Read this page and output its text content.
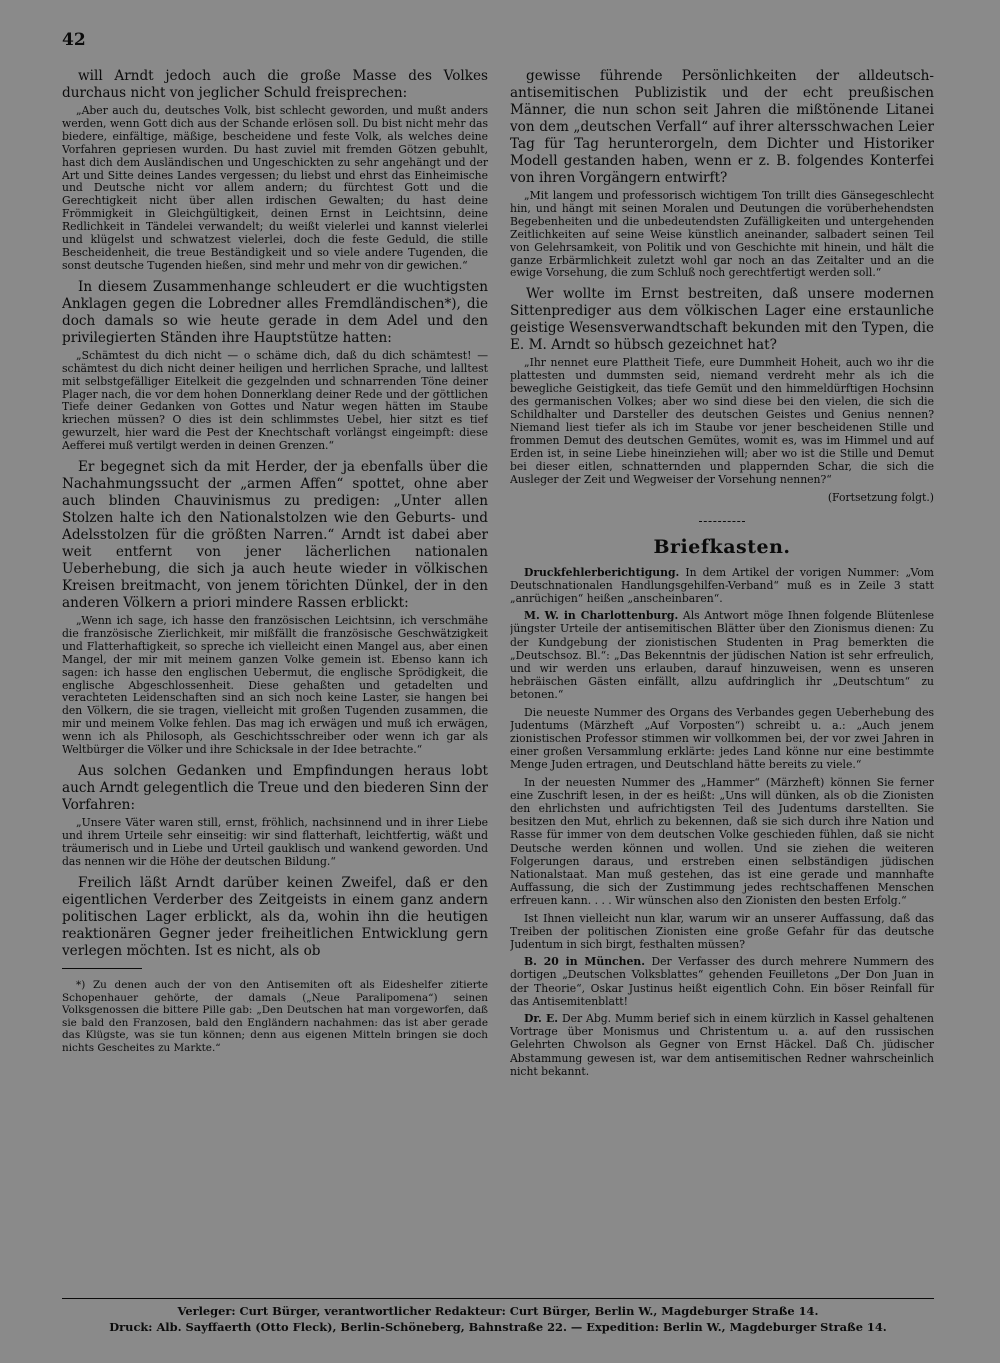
42

will Arndt jedoch auch die große Masse des Volkes durchaus nicht von jeglicher Schuld freisprechen:

„Aber auch du, deutsches Volk, bist schlecht geworden, und mußt anders werden, wenn Gott dich aus der Schande erlösen soll. Du bist nicht mehr das biedere, einfältige, mäßige, bescheidene und feste Volk, als welches deine Vorfahren gepriesen wurden. Du hast zuviel mit fremden Götzen gebuhlt, hast dich dem Ausländischen und Ungeschickten zu sehr angehängt und der Art und Sitte deines Landes vergessen; du liebst und ehrst das Einheimische und Deutsche nicht vor allem andern; du fürchtest Gott und die Gerechtigkeit nicht über allen irdischen Gewalten; du hast deine Frömmigkeit in Gleichgültigkeit, deinen Ernst in Leichtsinn, deine Redlichkeit in Tändelei verwandelt; du weißt vielerlei und kannst vielerlei und klügelst und schwatzest vielerlei, doch die feste Geduld, die stille Bescheidenheit, die treue Beständigkeit und so viele andere Tugenden, die sonst deutsche Tugenden hießen, sind mehr und mehr von dir gewichen.“

In diesem Zusammenhange schleudert er die wuchtigsten Anklagen gegen die Lobredner alles Fremdländischen*), die doch damals so wie heute gerade in dem Adel und den privilegierten Ständen ihre Hauptstütze hatten:

„Schämtest du dich nicht — o schäme dich, daß du dich schämtest! — schämtest du dich nicht deiner heiligen und herrlichen Sprache, und lalltest mit selbstgefälliger Eitelkeit die gezgelnden und schnarrenden Töne deiner Plager nach, die vor dem hohen Donnerklang deiner Rede und der göttlichen Tiefe deiner Gedanken von Gottes und Natur wegen hätten im Staube kriechen müssen? O dies ist dein schlimmstes Uebel, hier sitzt es tief gewurzelt, hier ward die Pest der Knechtschaft vorlängst eingeimpft: diese Aefferei muß vertilgt werden in deinen Grenzen.“

Er begegnet sich da mit Herder, der ja ebenfalls über die Nachahmungssucht der „armen Affen“ spottet, ohne aber auch blinden Chauvinismus zu predigen: „Unter allen Stolzen halte ich den Nationalstolzen wie den Geburts- und Adelsstolzen für die größten Narren.“ Arndt ist dabei aber weit entfernt von jener lächerlichen nationalen Ueberhebung, die sich ja auch heute wieder in völkischen Kreisen breitmacht, von jenem törichten Dünkel, der in den anderen Völkern a priori mindere Rassen erblickt:

„Wenn ich sage, ich hasse den französischen Leichtsinn, ich verschmähe die französische Zierlichkeit, mir mißfällt die französische Geschwätzigkeit und Flatterhaftigkeit, so spreche ich vielleicht einen Mangel aus, aber einen Mangel, der mir mit meinem ganzen Volke gemein ist. Ebenso kann ich sagen: ich hasse den englischen Uebermut, die englische Sprödigkeit, die englische Abgeschlossenheit. Diese gehaßten und getadelten und verachteten Leidenschaften sind an sich noch keine Laster, sie hangen bei den Völkern, die sie tragen, vielleicht mit großen Tugenden zusammen, die mir und meinem Volke fehlen. Das mag ich erwägen und muß ich erwägen, wenn ich als Philosoph, als Geschichtsschreiber oder wenn ich gar als Weltbürger die Völker und ihre Schicksale in der Idee betrachte.“

Aus solchen Gedanken und Empfindungen heraus lobt auch Arndt gelegentlich die Treue und den biederen Sinn der Vorfahren:

„Unsere Väter waren still, ernst, fröhlich, nachsinnend und in ihrer Liebe und ihrem Urteile sehr einseitig: wir sind flatterhaft, leichtfertig, wäßt und träumerisch und in Liebe und Urteil gauklisch und wankend geworden. Und das nennen wir die Höhe der deutschen Bildung.“

Freilich läßt Arndt darüber keinen Zweifel, daß er den eigentlichen Verderber des Zeitgeists in einem ganz andern politischen Lager erblickt, als da, wohin ihn die heutigen reaktionären Gegner jeder freiheitlichen Entwicklung gern verlegen möchten. Ist es nicht, als ob

*) Zu denen auch der von den Antisemiten oft als Eideshelfer zitierte Schopenhauer gehörte, der damals („Neue Paralipomena“) seinen Volksgenossen die bittere Pille gab: „Den Deutschen hat man vorgeworfen, daß sie bald den Franzosen, bald den Engländern nachahmen: das ist aber gerade das Klügste, was sie tun können; denn aus eigenen Mitteln bringen sie doch nichts Gescheites zu Markte.“

gewisse führende Persönlichkeiten der alldeutsch-antisemitischen Publizistik und der echt preußischen Männer, die nun schon seit Jahren die mißtönende Litanei von dem „deutschen Verfall“ auf ihrer altersschwachen Leier Tag für Tag herunterorgeln, dem Dichter und Historiker Modell gestanden haben, wenn er z. B. folgendes Konterfei von ihren Vorgängern entwirft?

„Mit langem und professorisch wichtigem Ton trillt dies Gänsegeschlecht hin, und hängt mit seinen Moralen und Deutungen die vorüberhehendsten Begebenheiten und die unbedeutendsten Zufälligkeiten und untergehenden Zeitlichkeiten auf seine Weise künstlich aneinander, salbadert seinen Teil von Gelehrsamkeit, von Politik und von Geschichte mit hinein, und hält die ganze Erbärmlichkeit zuletzt wohl gar noch an das Zeitalter und an die ewige Vorsehung, die zum Schluß noch gerechtfertigt werden soll.“

Wer wollte im Ernst bestreiten, daß unsere modernen Sittenprediger aus dem völkischen Lager eine erstaunliche geistige Wesensverwandtschaft bekunden mit den Typen, die E. M. Arndt so hübsch gezeichnet hat?

„Ihr nennet eure Plattheit Tiefe, eure Dummheit Hoheit, auch wo ihr die plattesten und dummsten seid, niemand verdreht mehr als ich die bewegliche Geistigkeit, das tiefe Gemüt und den himmeldürftigen Hochsinn des germanischen Volkes; aber wo sind diese bei den vielen, die sich die Schildhalter und Darsteller des deutschen Geistes und Genius nennen? Niemand liest tiefer als ich im Staube vor jener bescheidenen Stille und frommen Demut des deutschen Gemütes, womit es, was im Himmel und auf Erden ist, in seine Liebe hineinziehen will; aber wo ist die Stille und Demut bei dieser eitlen, schnatternden und plappernden Schar, die sich die Ausleger der Zeit und Wegweiser der Vorsehung nennen?“

(Fortsetzung folgt.)

Briefkasten.

Druckfehlerberichtigung. In dem Artikel der vorigen Nummer: „Vom Deutschnationalen Handlungsgehilfen-Verband“ muß es in Zeile 3 statt „anrüchigen“ heißen „anscheinbaren“.

M. W. in Charlottenburg. Als Antwort möge Ihnen folgende Blütenlese jüngster Urteile der antisemitischen Blätter über den Zionismus dienen: Zu der Kundgebung der zionistischen Studenten in Prag bemerkten die „Deutschsoz. Bl.“: „Das Bekenntnis der jüdischen Nation ist sehr erfreulich, und wir werden uns erlauben, darauf hinzuweisen, wenn es unseren hebräischen Gästen einfällt, allzu aufdringlich ihr „Deutschtum“ zu betonen.“

Die neueste Nummer des Organs des Verbandes gegen Ueberhebung des Judentums (Märzheft „Auf Vorposten“) schreibt u. a.: „Auch jenem zionistischen Professor stimmen wir vollkommen bei, der vor zwei Jahren in einer großen Versammlung erklärte: jedes Land könne nur eine bestimmte Menge Juden ertragen, und Deutschland hätte bereits zu viele.“

In der neuesten Nummer des „Hammer“ (Märzheft) können Sie ferner eine Zuschrift lesen, in der es heißt: „Uns will dünken, als ob die Zionisten den ehrlichsten und aufrichtigsten Teil des Judentums darstellten. Sie besitzen den Mut, ehrlich zu bekennen, daß sie sich durch ihre Nation und Rasse für immer von dem deutschen Volke geschieden fühlen, daß sie nicht Deutsche werden können und wollen. Und sie ziehen die weiteren Folgerungen daraus, und erstreben einen selbständigen jüdischen Nationalstaat. Man muß gestehen, das ist eine gerade und mannhafte Auffassung, die sich der Zustimmung jedes rechtschaffenen Menschen erfreuen kann. . . . Wir wünschen also den Zionisten den besten Erfolg.“

Ist Ihnen vielleicht nun klar, warum wir an unserer Auffassung, daß das Treiben der politischen Zionisten eine große Gefahr für das deutsche Judentum in sich birgt, festhalten müssen?

B. 20 in München. Der Verfasser des durch mehrere Nummern des dortigen „Deutschen Volksblattes“ gehenden Feuilletons „Der Don Juan in der Theorie“, Oskar Justinus heißt eigentlich Cohn. Ein böser Reinfall für das Antisemitenblatt!

Dr. E. Der Abg. Mumm berief sich in einem kürzlich in Kassel gehaltenen Vortrage über Monismus und Christentum u. a. auf den russischen Gelehrten Chwolson als Gegner von Ernst Häckel. Daß Ch. jüdischer Abstammung gewesen ist, war dem antisemitischen Redner wahrscheinlich nicht bekannt.

Verleger: Curt Bürger, verantwortlicher Redakteur: Curt Bürger, Berlin W., Magdeburger Straße 14.
Druck: Alb. Sayffaerth (Otto Fleck), Berlin-Schöneberg, Bahnstraße 22. — Expedition: Berlin W., Magdeburger Straße 14.
